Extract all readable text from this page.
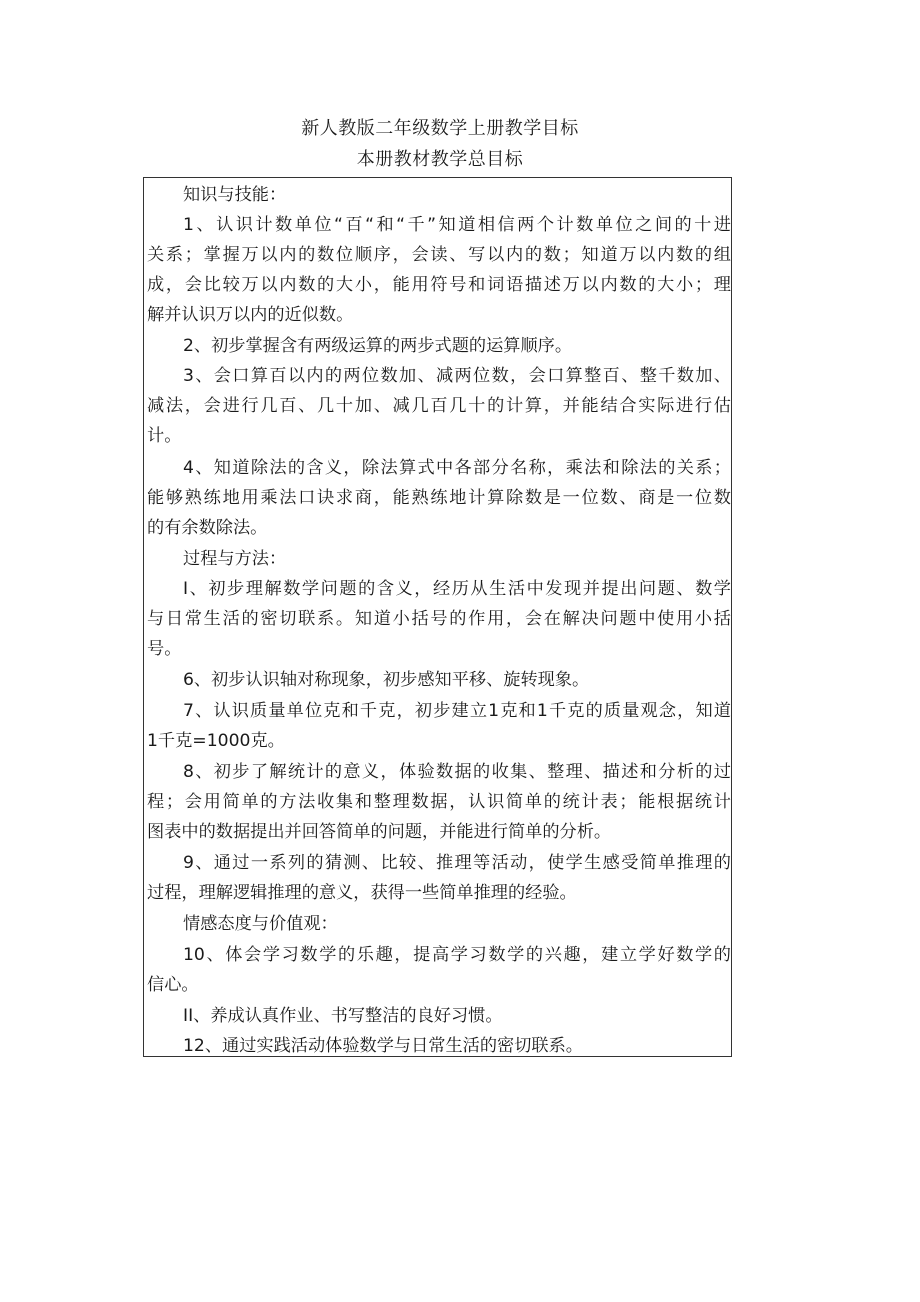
新人教版二年级数学上册教学目标
本册教材教学总目标
知识与技能：
1、认识计数单位“百“和“千”知道相信两个计数单位之间的十进
关系；掌握万以内的数位顺序，会读、写以内的数；知道万以内数的组
成，会比较万以内数的大小，能用符号和词语描述万以内数的大小；理
解并认识万以内的近似数。
2、初步掌握含有两级运算的两步式题的运算顺序。
3、会口算百以内的两位数加、减两位数，会口算整百、整千数加、
减法，会进行几百、几十加、减几百几十的计算，并能结合实际进行估
计。
4、知道除法的含义，除法算式中各部分名称，乘法和除法的关系；
能够熟练地用乘法口诀求商，能熟练地计算除数是一位数、商是一位数
的有余数除法。
过程与方法：
I、初步理解数学问题的含义，经历从生活中发现并提出问题、数学
与日常生活的密切联系。知道小括号的作用，会在解决问题中使用小括
号。
6、初步认识轴对称现象，初步感知平移、旋转现象。
7、认识质量单位克和千克，初步建立1克和1千克的质量观念，知道
1千克=1000克。
8、初步了解统计的意义，体验数据的收集、整理、描述和分析的过
程；会用简单的方法收集和整理数据，认识简单的统计表；能根据统计
图表中的数据提出并回答简单的问题，并能进行简单的分析。
9、通过一系列的猜测、比较、推理等活动，使学生感受简单推理的
过程，理解逻辑推理的意义，获得一些简单推理的经验。
情感态度与价值观：
10、体会学习数学的乐趣，提高学习数学的兴趣，建立学好数学的
信心。
II、养成认真作业、书写整洁的良好习惯。
12、通过实践活动体验数学与日常生活的密切联系。
